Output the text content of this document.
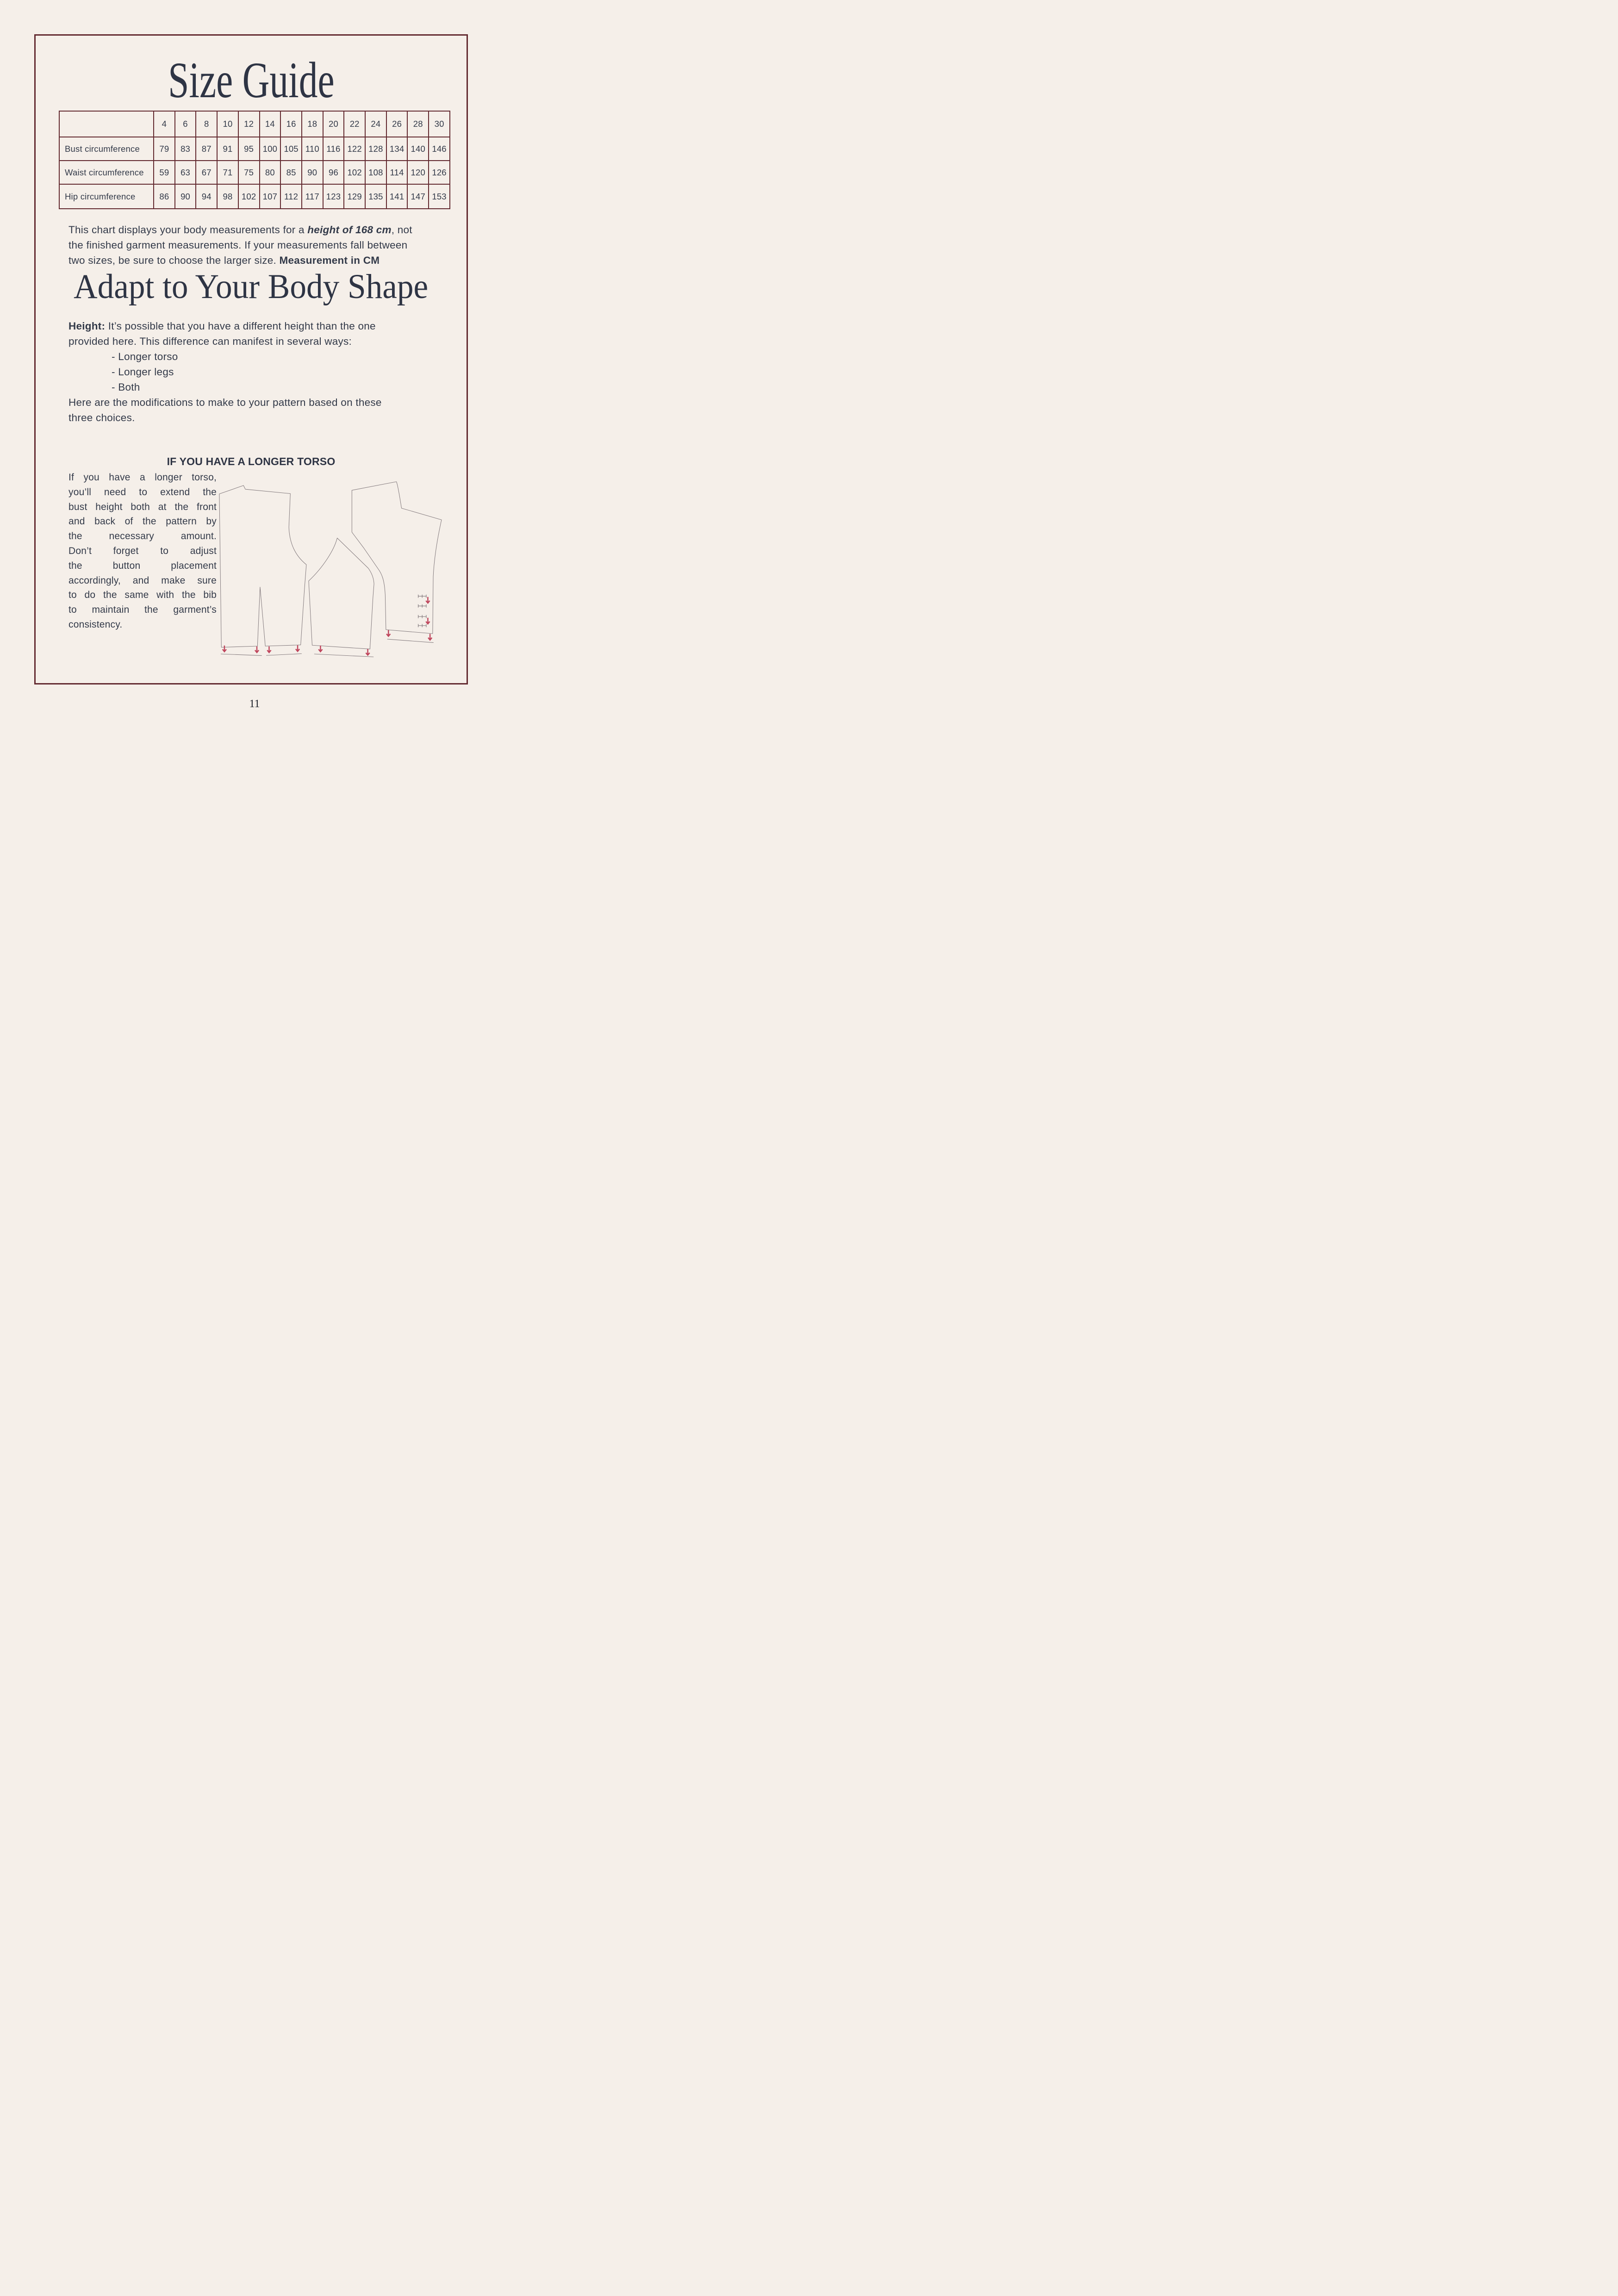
Size Guide
	4	6	8	10	12	14	16	18	20	22	24	26	28	30
Bust circumference	79	83	87	91	95	100	105	110	116	122	128	134	140	146
Waist circumference	59	63	67	71	75	80	85	90	96	102	108	114	120	126
Hip circumference	86	90	94	98	102	107	112	117	123	129	135	141	147	153
This chart displays your body measurements for a height of 168 cm, not
the finished garment measurements. If your measurements fall between
two sizes, be sure to choose the larger size. Measurement in CM
Adapt to Your Body Shape
Height: It’s possible that you have a different height than the one
provided here. This difference can manifest in several ways:
- Longer torso
- Longer legs
- Both
Here are the modifications to make to your pattern based on these
three choices.
IF YOU HAVE A LONGER TORSO
If you have a longer torso,
you’ll need to extend the
bust height both at the front
and back of the pattern by
the necessary amount.
Don’t forget to adjust
the button placement
accordingly, and make sure
to do the same with the bib
to maintain the garment’s
consistency.
11
